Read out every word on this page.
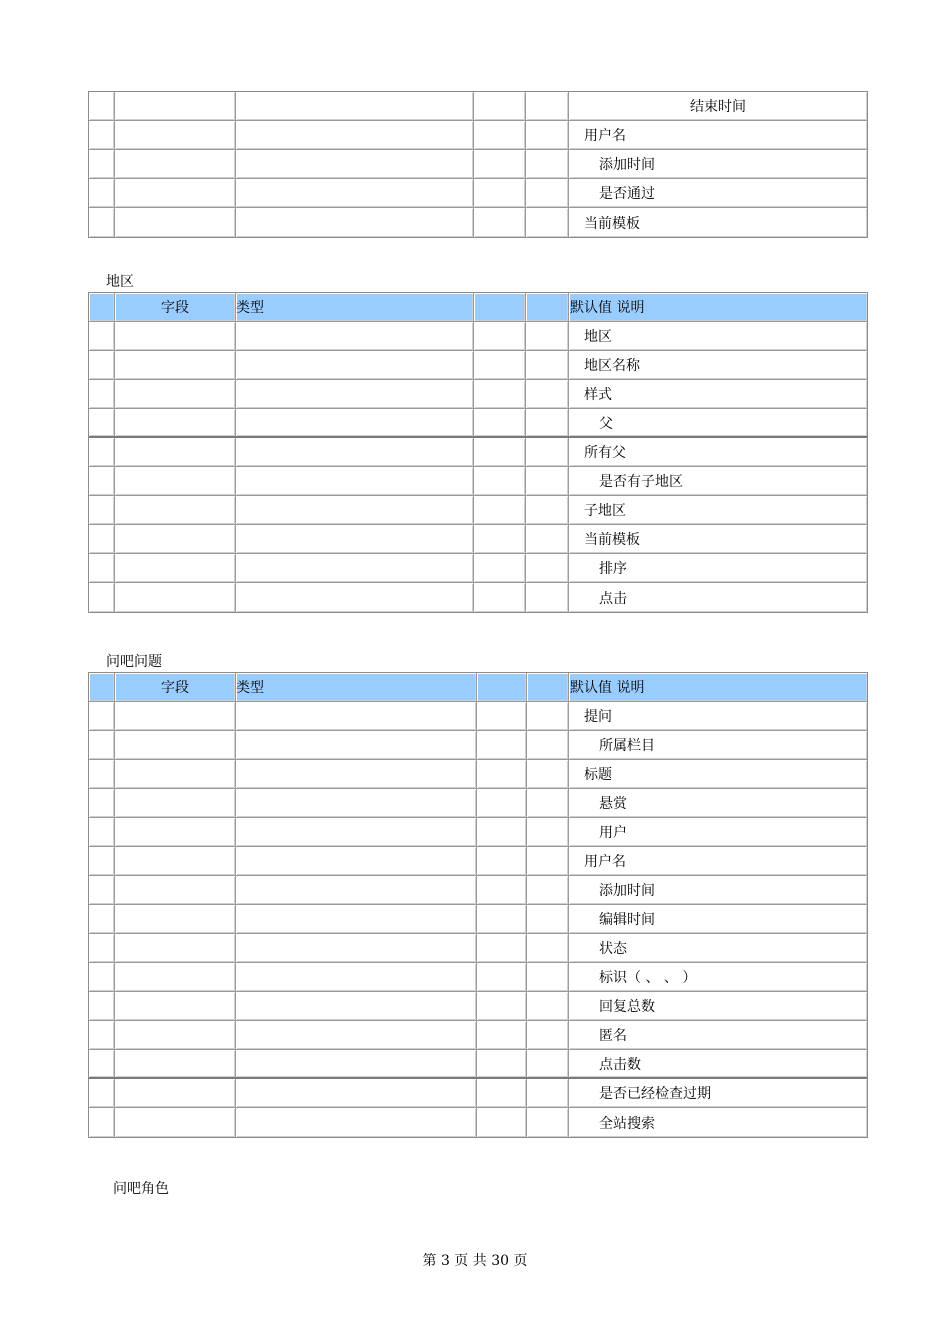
结束时间
用户名
添加时间
是否通过
当前模板
地区
字段	类型	默认值 说明
地区
地区名称
样式
父
所有父
是否有子地区
子地区
当前模板
排序
点击
问吧问题
字段	类型	默认值 说明
提问
所属栏目
标题
悬赏
用户
用户名
添加时间
编辑时间
状态
标识（ 、 、 ）
回复总数
匿名
点击数
是否已经检查过期
全站搜索
问吧角色
第 3 页 共 30 页
